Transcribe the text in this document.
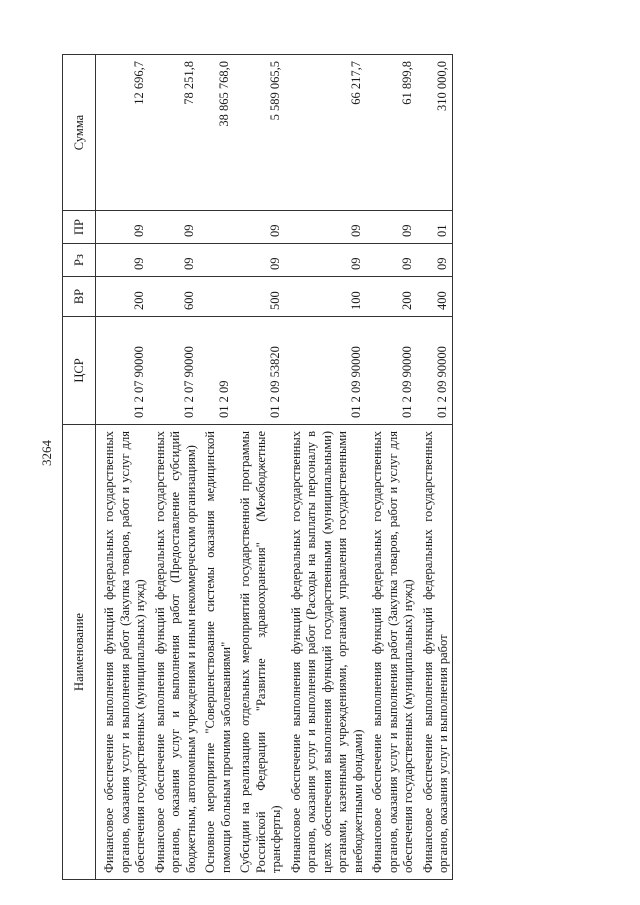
3264
Наименование	ЦСР	ВР	Рз	ПР	Сумма
Финансовое обеспечение выполнения функций федеральных государственных органов, оказания услуг и выполнения работ (Закупка товаров, работ и услуг для обеспечения государственных (муниципальных) нужд)	01 2 07 90000	200	09	09	12 696,7
Финансовое обеспечение выполнения функций федеральных государственных органов, оказания услуг и выполнения работ (Предоставление субсидий бюджетным, автономным учреждениям и иным некоммерческим организациям)	01 2 07 90000	600	09	09	78 251,8
Основное мероприятие "Совершенствование системы оказания медицинской помощи больным прочими заболеваниями"	01 2 09				38 865 768,0
Субсидии на реализацию отдельных мероприятий государственной программы Российской Федерации "Развитие здравоохранения" (Межбюджетные трансферты)	01 2 09 53820	500	09	09	5 589 065,5
Финансовое обеспечение выполнения функций федеральных государственных органов, оказания услуг и выполнения работ (Расходы на выплаты персоналу в целях обеспечения выполнения функций государственными (муниципальными) органами, казенными учреждениями, органами управления государственными внебюджетными фондами)	01 2 09 90000	100	09	09	66 217,7
Финансовое обеспечение выполнения функций федеральных государственных органов, оказания услуг и выполнения работ (Закупка товаров, работ и услуг для обеспечения государственных (муниципальных) нужд)	01 2 09 90000	200	09	09	61 899,8
Финансовое обеспечение выполнения функций федеральных государственных органов, оказания услуг и выполнения работ	01 2 09 90000	400	09	01	310 000,0
